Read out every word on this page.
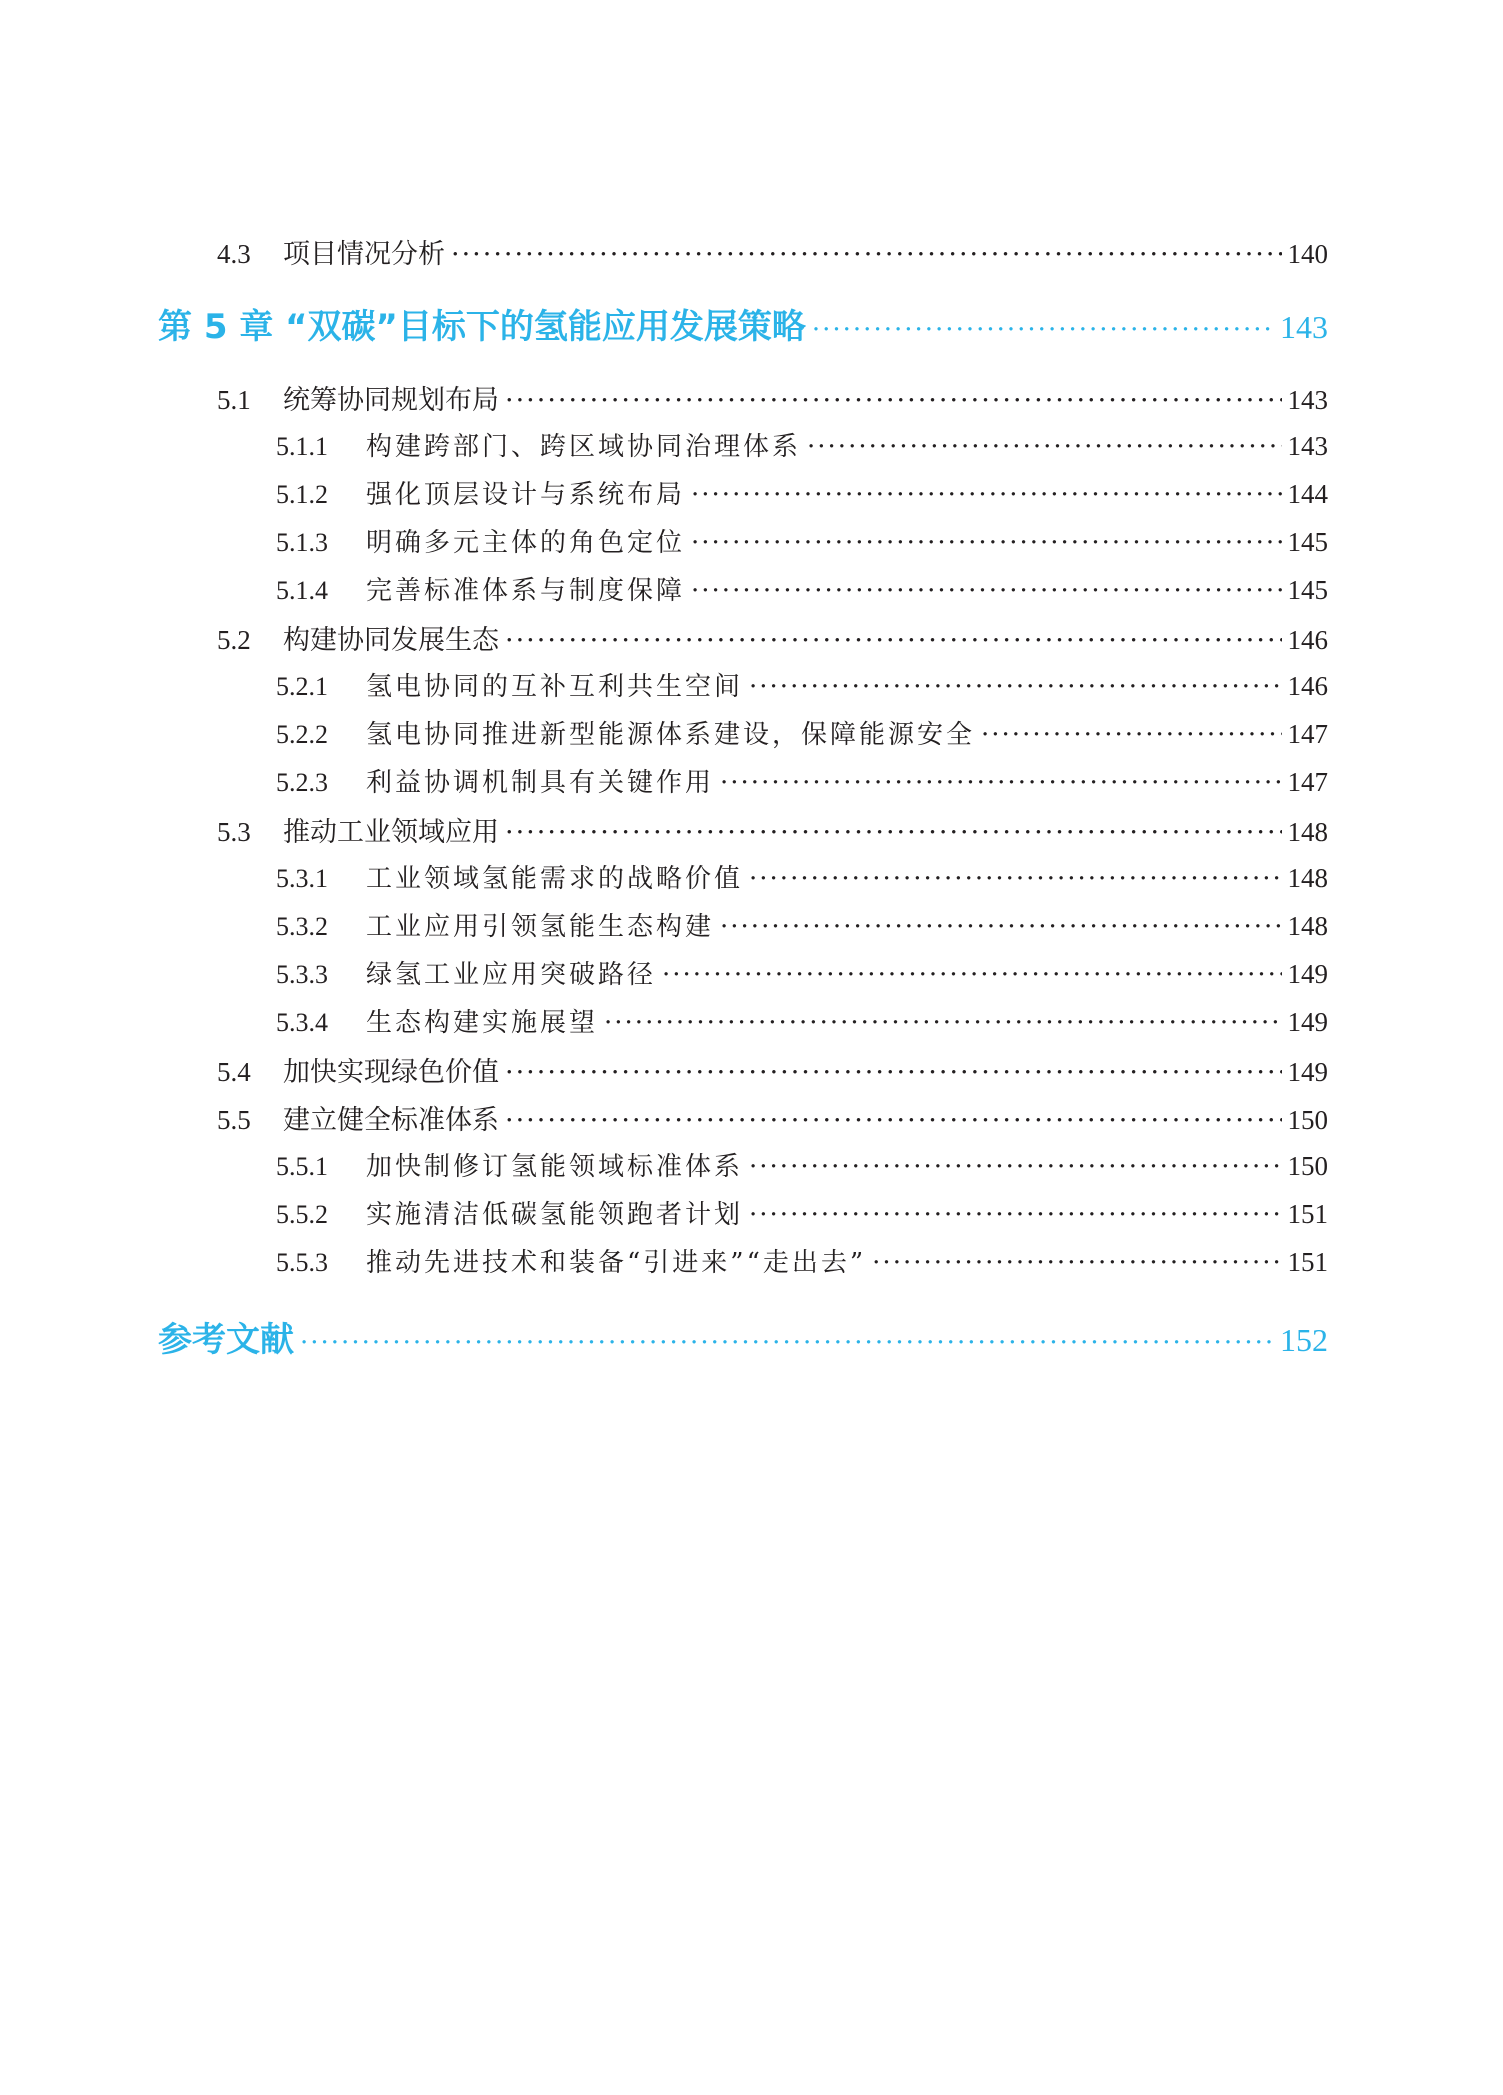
4.3	项目情况分析 ·····	140
第 5 章 “双碳”目标下的氢能应用发展策略 ·····	143
5.1	统筹协同规划布局 ·····	143
5.1.1	构建跨部门、跨区域协同治理体系 ·····	143
5.1.2	强化顶层设计与系统布局 ·····	144
5.1.3	明确多元主体的角色定位 ·····	145
5.1.4	完善标准体系与制度保障 ·····	145
5.2	构建协同发展生态 ·····	146
5.2.1	氢电协同的互补互利共生空间 ·····	146
5.2.2	氢电协同推进新型能源体系建设，保障能源安全 ·····	147
5.2.3	利益协调机制具有关键作用 ·····	147
5.3	推动工业领域应用 ·····	148
5.3.1	工业领域氢能需求的战略价值 ·····	148
5.3.2	工业应用引领氢能生态构建 ·····	148
5.3.3	绿氢工业应用突破路径 ·····	149
5.3.4	生态构建实施展望 ·····	149
5.4	加快实现绿色价值 ·····	149
5.5	建立健全标准体系 ·····	150
5.5.1	加快制修订氢能领域标准体系 ·····	150
5.5.2	实施清洁低碳氢能领跑者计划 ·····	151
5.5.3	推动先进技术和装备“引进来”“走出去” ·····	151
参考文献 ·····	152
